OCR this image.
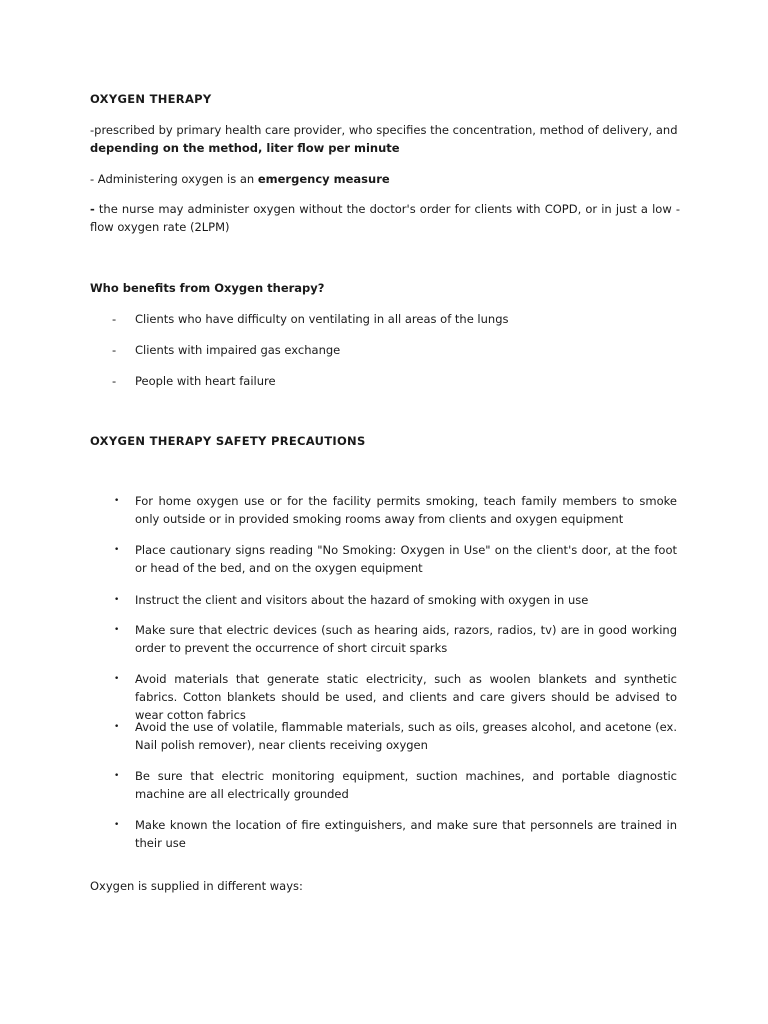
OXYGEN THERAPY
-prescribed by primary health care provider, who specifies the concentration, method of delivery, and
depending on the method, liter flow per minute
- Administering oxygen is an emergency measure
- the nurse may administer oxygen without the doctor's order for clients with COPD, or in just a low -flow oxygen rate (2LPM)
Who benefits from Oxygen therapy?
- Clients who have difficulty on ventilating in all areas of the lungs
- Clients with impaired gas exchange
- People with heart failure
OXYGEN THERAPY SAFETY PRECAUTIONS
• For home oxygen use or for the facility permits smoking, teach family members to smoke only outside or in provided smoking rooms away from clients and oxygen equipment
• Place cautionary signs reading "No Smoking: Oxygen in Use" on the client's door, at the foot or head of the bed, and on the oxygen equipment
• Instruct the client and visitors about the hazard of smoking with oxygen in use
• Make sure that electric devices (such as hearing aids, razors, radios, tv) are in good working order to prevent the occurrence of short circuit sparks
• Avoid materials that generate static electricity, such as woolen blankets and synthetic fabrics. Cotton blankets should be used, and clients and care givers should be advised to wear cotton fabrics
• Avoid the use of volatile, flammable materials, such as oils, greases alcohol, and acetone (ex. Nail polish remover), near clients receiving oxygen
• Be sure that electric monitoring equipment, suction machines, and portable diagnostic machine are all electrically grounded
• Make known the location of fire extinguishers, and make sure that personnels are trained in their use
Oxygen is supplied in different ways:
